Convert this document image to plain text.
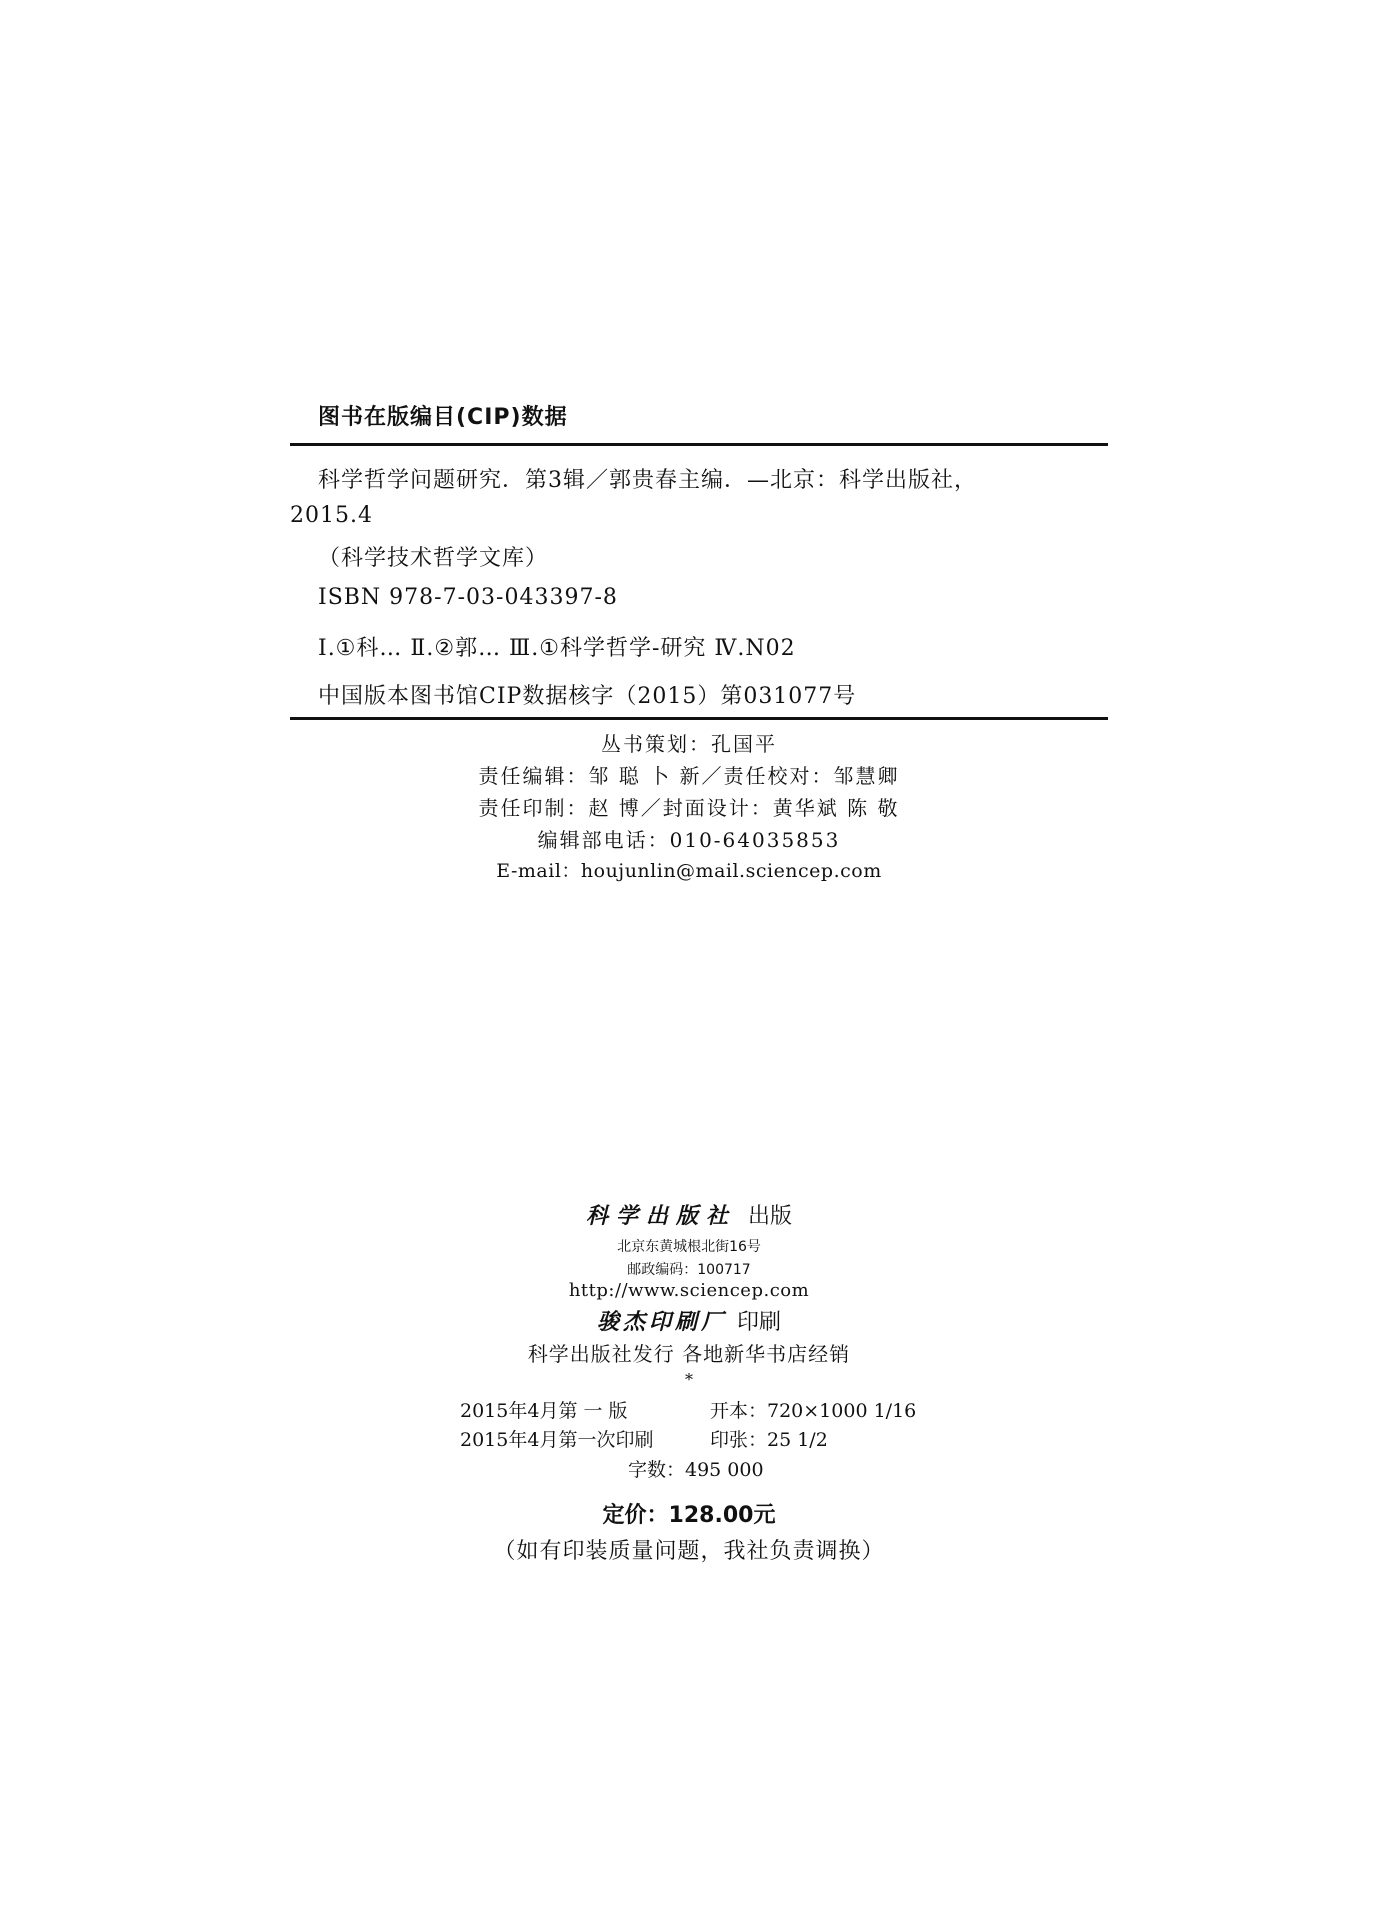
图书在版编目(CIP)数据
科学哲学问题研究．第3辑／郭贵春主编．—北京：科学出版社，
2015.4
（科学技术哲学文库）
ISBN 978-7-03-043397-8
Ⅰ.①科… Ⅱ.②郭… Ⅲ.①科学哲学-研究 Ⅳ.N02
中国版本图书馆CIP数据核字（2015）第031077号
丛书策划：孔国平
责任编辑：邹 聪 卜 新／责任校对：邹慧卿
责任印制：赵 博／封面设计：黄华斌 陈 敬
编辑部电话：010-64035853
E-mail：houjunlin@mail.sciencep.com
科学出版社 出版
北京东黄城根北街16号
邮政编码：100717
http://www.sciencep.com
骏杰印刷厂 印刷
科学出版社发行 各地新华书店经销
*
2015年4月第 一 版	开本：720×1000 1/16
2015年4月第一次印刷	印张：25 1/2
字数：495 000
定价：128.00元
（如有印装质量问题，我社负责调换）
